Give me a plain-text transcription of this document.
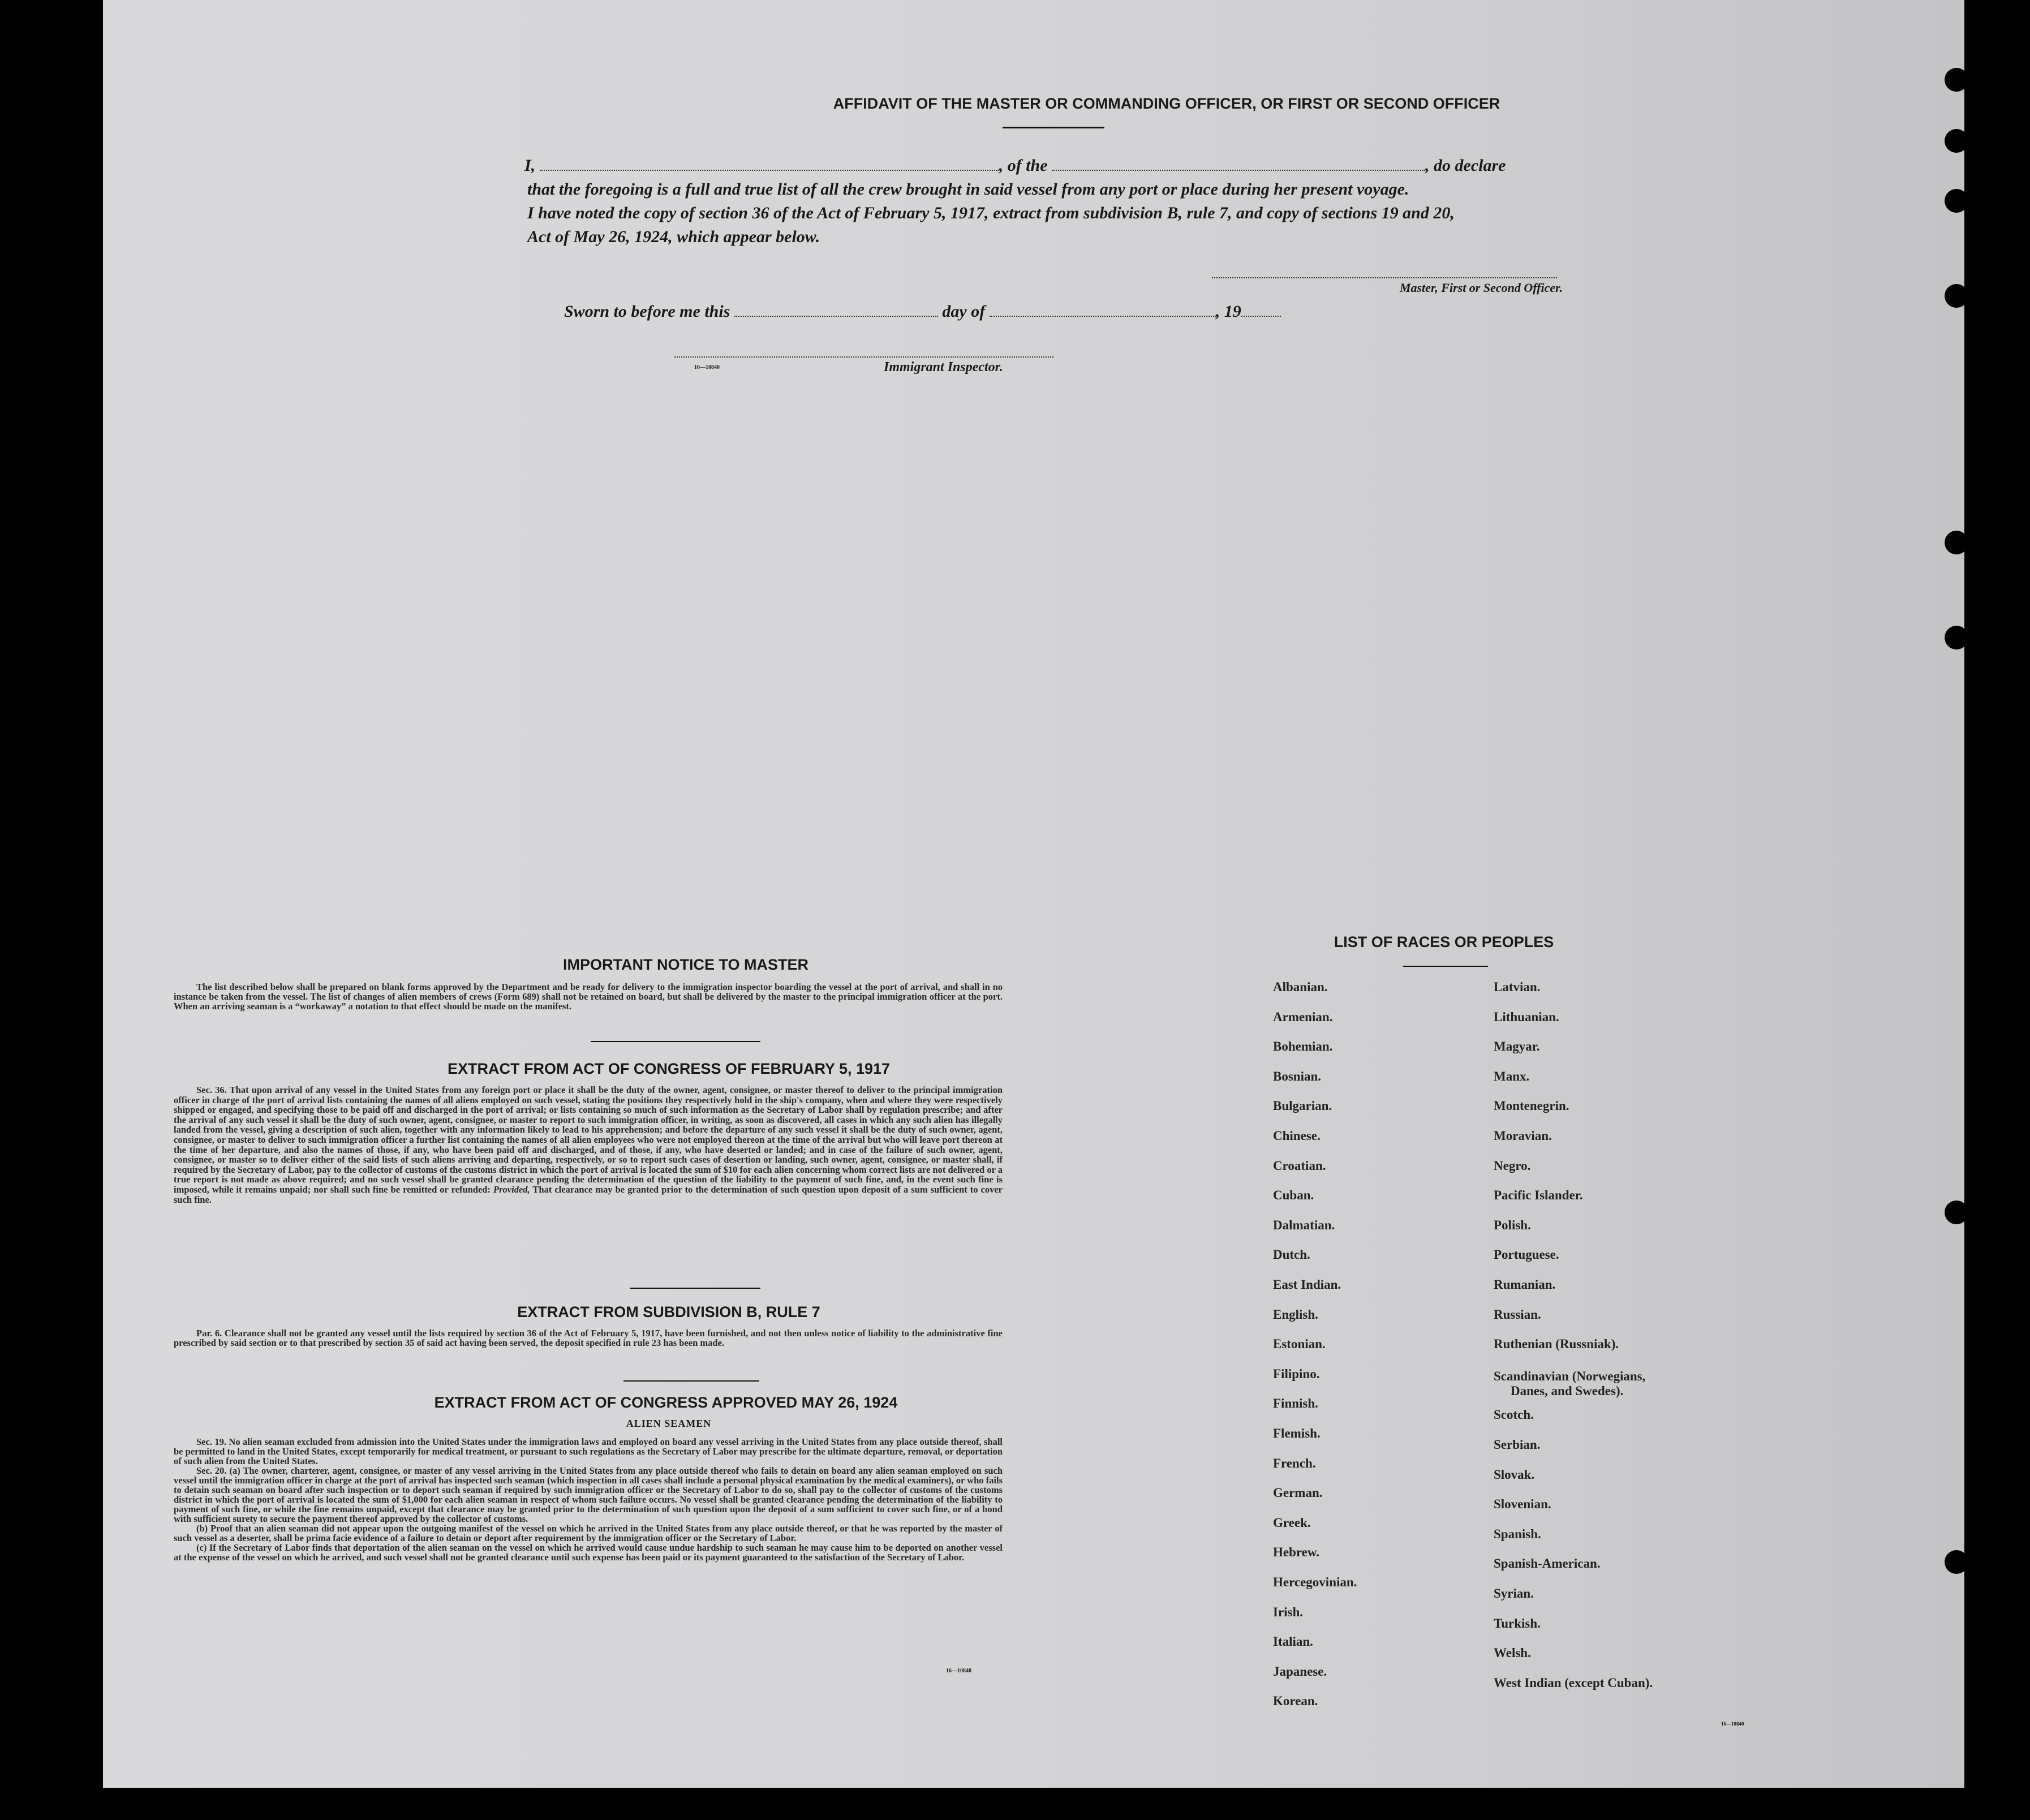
AFFIDAVIT OF THE MASTER OR COMMANDING OFFICER, OR FIRST OR SECOND OFFICER
I,	, of the	, do declare
that the foregoing is a full and true list of all the crew brought in said vessel from any port or place during her present voyage.
I have noted the copy of section 36 of the Act of February 5, 1917, extract from subdivision B, rule 7, and copy of sections 19 and 20,
Act of May 26, 1924, which appear below.
Master, First or Second Officer.
Sworn to before me this	day of	, 19
16—10840	Immigrant Inspector.
IMPORTANT NOTICE TO MASTER

The list described below shall be prepared on blank forms approved by the Department and be ready for delivery to the immigration inspector boarding the vessel at the port of arrival, and shall in no instance be taken from the vessel. The list of changes of alien members of crews (Form 689) shall not be retained on board, but shall be delivered by the master to the principal immigration officer at the port. When an arriving seaman is a “workaway” a notation to that effect should be made on the manifest.

EXTRACT FROM ACT OF CONGRESS OF FEBRUARY 5, 1917

Sec. 36. That upon arrival of any vessel in the United States from any foreign port or place it shall be the duty of the owner, agent, consignee, or master thereof to deliver to the principal immigration officer in charge of the port of arrival lists containing the names of all aliens employed on such vessel, stating the positions they respectively hold in the ship's company, when and where they were respectively shipped or engaged, and specifying those to be paid off and discharged in the port of arrival; or lists containing so much of such information as the Secretary of Labor shall by regulation prescribe; and after the arrival of any such vessel it shall be the duty of such owner, agent, consignee, or master to report to such immigration officer, in writing, as soon as discovered, all cases in which any such alien has illegally landed from the vessel, giving a description of such alien, together with any information likely to lead to his apprehension; and before the departure of any such vessel it shall be the duty of such owner, agent, consignee, or master to deliver to such immigration officer a further list containing the names of all alien employees who were not employed thereon at the time of the arrival but who will leave port thereon at the time of her departure, and also the names of those, if any, who have been paid off and discharged, and of those, if any, who have deserted or landed; and in case of the failure of such owner, agent, consignee, or master so to deliver either of the said lists of such aliens arriving and departing, respectively, or so to report such cases of desertion or landing, such owner, agent, consignee, or master shall, if required by the Secretary of Labor, pay to the collector of customs of the customs district in which the port of arrival is located the sum of $10 for each alien concerning whom correct lists are not delivered or a true report is not made as above required; and no such vessel shall be granted clearance pending the determination of the question of the liability to the payment of such fine, and, in the event such fine is imposed, while it remains unpaid; nor shall such fine be remitted or refunded: Provided, That clearance may be granted prior to the determination of such question upon deposit of a sum sufficient to cover such fine.

EXTRACT FROM SUBDIVISION B, RULE 7

Par. 6. Clearance shall not be granted any vessel until the lists required by section 36 of the Act of February 5, 1917, have been furnished, and not then unless notice of liability to the administrative fine prescribed by said section or to that prescribed by section 35 of said act having been served, the deposit specified in rule 23 has been made.

EXTRACT FROM ACT OF CONGRESS APPROVED MAY 26, 1924
ALIEN SEAMEN

Sec. 19. No alien seaman excluded from admission into the United States under the immigration laws and employed on board any vessel arriving in the United States from any place outside thereof, shall be permitted to land in the United States, except temporarily for medical treatment, or pursuant to such regulations as the Secretary of Labor may prescribe for the ultimate departure, removal, or deportation of such alien from the United States.

Sec. 20. (a) The owner, charterer, agent, consignee, or master of any vessel arriving in the United States from any place outside thereof who fails to detain on board any alien seaman employed on such vessel until the immigration officer in charge at the port of arrival has inspected such seaman (which inspection in all cases shall include a personal physical examination by the medical examiners), or who fails to detain such seaman on board after such inspection or to deport such seaman if required by such immigration officer or the Secretary of Labor to do so, shall pay to the collector of customs of the customs district in which the port of arrival is located the sum of $1,000 for each alien seaman in respect of whom such failure occurs. No vessel shall be granted clearance pending the determination of the liability to payment of such fine, or while the fine remains unpaid, except that clearance may be granted prior to the determination of such question upon the deposit of a sum sufficient to cover such fine, or of a bond with sufficient surety to secure the payment thereof approved by the collector of customs.

(b) Proof that an alien seaman did not appear upon the outgoing manifest of the vessel on which he arrived in the United States from any place outside thereof, or that he was reported by the master of such vessel as a deserter, shall be prima facie evidence of a failure to detain or deport after requirement by the immigration officer or the Secretary of Labor.

(c) If the Secretary of Labor finds that deportation of the alien seaman on the vessel on which he arrived would cause undue hardship to such seaman he may cause him to be deported on another vessel at the expense of the vessel on which he arrived, and such vessel shall not be granted clearance until such expense has been paid or its payment guaranteed to the satisfaction of the Secretary of Labor.

16—10840
LIST OF RACES OR PEOPLES
16—10840
Albanian.
Armenian.
Bohemian.
Bosnian.
Bulgarian.
Chinese.
Croatian.
Cuban.
Dalmatian.
Dutch.
East Indian.
English.
Estonian.
Filipino.
Finnish.
Flemish.
French.
German.
Greek.
Hebrew.
Hercegovinian.
Irish.
Italian.
Japanese.
Korean.
Latvian.
Lithuanian.
Magyar.
Manx.
Montenegrin.
Moravian.
Negro.
Pacific Islander.
Polish.
Portuguese.
Rumanian.
Russian.
Ruthenian (Russniak).
Scandinavian (Norwegians,
Danes, and Swedes).
Scotch.
Serbian.
Slovak.
Slovenian.
Spanish.
Spanish-American.
Syrian.
Turkish.
Welsh.
West Indian (except Cuban).
